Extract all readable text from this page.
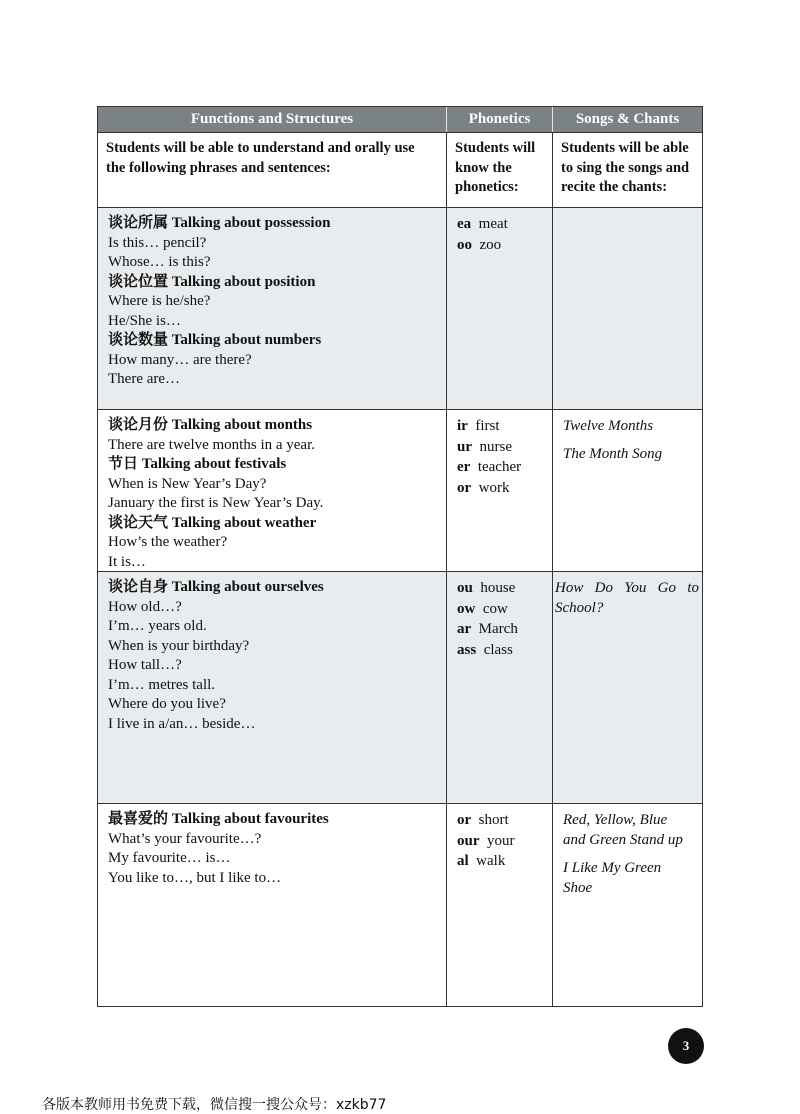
Functions and Structures	Phonetics	Songs & Chants
Students will be able to understand and orally use
the following phrases and sentences:
Students will
know the
phonetics:
Students will be able
to sing the songs and
recite the chants:
谈论所属 Talking about possession
Is this… pencil?
Whose… is this?
谈论位置 Talking about position
Where is he/she?
He/She is…
谈论数量 Talking about numbers
How many… are there?
There are…
ea meat
oo zoo
谈论月份 Talking about months
There are twelve months in a year.
节日 Talking about festivals
When is New Year’s Day?
January the first is New Year’s Day.
谈论天气 Talking about weather
How’s the weather?
It is…
ir first
ur nurse
er teacher
or work
Twelve Months
The Month Song
谈论自身 Talking about ourselves
How old…?
I’m… years old.
When is your birthday?
How tall…?
I’m… metres tall.
Where do you live?
I live in a/an… beside…
ou house
ow cow
ar March
ass class
How Do You Go to School?
最喜爱的 Talking about favourites
What’s your favourite…?
My favourite… is…
You like to…, but I like to…
or short
our your
al walk
Red, Yellow, Blue and Green Stand up
I Like My Green Shoe
3
各版本教师用书免费下载，微信搜一搜公众号：xzkb77
